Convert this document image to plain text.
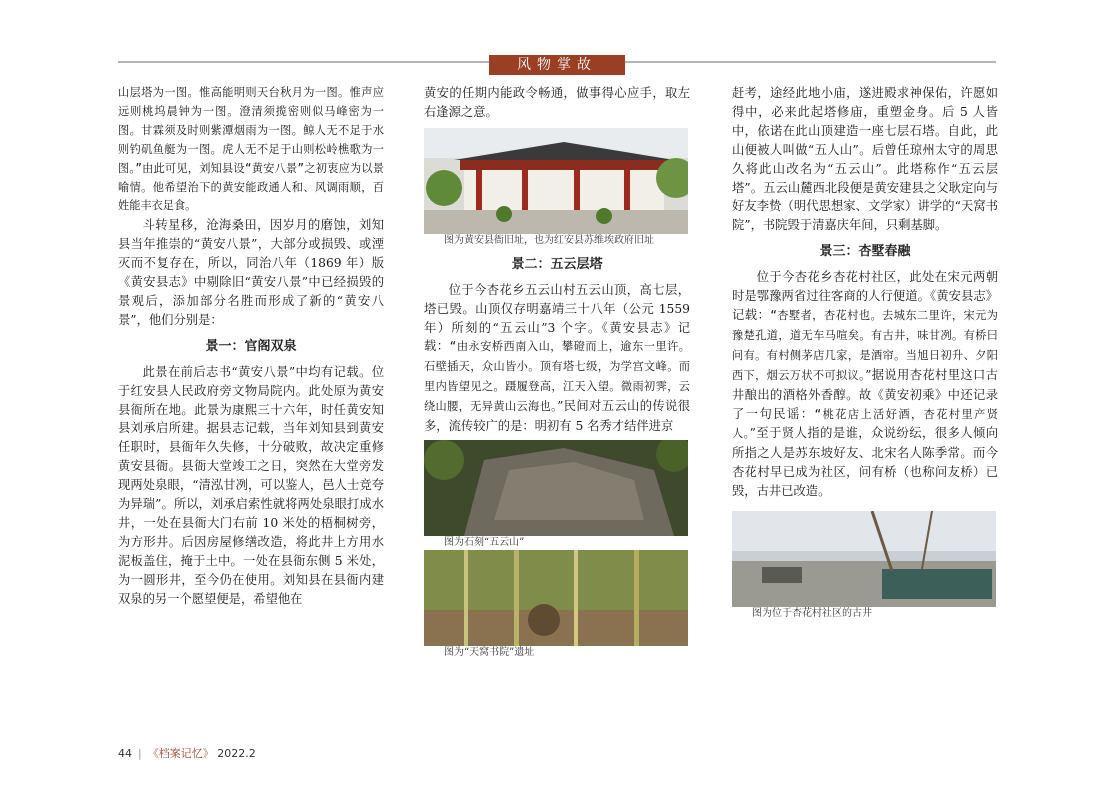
风物掌故

山层塔为一图。惟高能明则天台秋月为一图。惟声应远则桃坞晨钟为一图。澄清须揽密则似马峰密为一图。甘霖须及时则紫潭烟雨为一图。鲸人无不足于水则钓矶鱼艇为一图。虎人无不足于山则松岭樵歌为一图。”由此可见，刘知县设“黄安八景”之初衷应为以景喻情。他希望治下的黄安能政通人和、风调雨顺，百姓能丰衣足食。

斗转星移，沧海桑田，因岁月的磨蚀，刘知县当年推崇的“黄安八景”，大部分或损毁、或湮灭而不复存在，所以，同治八年（1869 年）版《黄安县志》中剔除旧“黄安八景”中已经损毁的景观后，添加部分名胜而形成了新的“黄安八景”，他们分别是：

景一：官阁双泉

此景在前后志书“黄安八景”中均有记载。位于红安县人民政府旁文物局院内。此处原为黄安县衙所在地。此景为康熙三十六年，时任黄安知县刘承启所建。据县志记载，当年刘知县到黄安任职时，县衙年久失修，十分破败，故决定重修黄安县衙。县衙大堂竣工之日，突然在大堂旁发现两处泉眼，“清泓甘冽，可以鉴人，邑人士竞夸为异瑞”。所以，刘承启索性就将两处泉眼打成水井，一处在县衙大门右前 10 米处的梧桐树旁，为方形井。后因房屋修缮改造，将此井上方用水泥板盖住，掩于土中。一处在县衙东侧 5 米处，为一圆形井，至今仍在使用。刘知县在县衙内建双泉的另一个愿望便是，希望他在

黄安的任期内能政令畅通，做事得心应手，取左右逢源之意。

图为黄安县衙旧址，也为红安县苏维埃政府旧址

景二：五云层塔

位于今杏花乡五云山村五云山顶，高七层，塔已毁。山顶仅存明嘉靖三十八年（公元 1559 年）所刻的“五云山”3 个字。《黄安县志》记载：“由永安桥西南入山，攀磴而上，逾东一里许。石壁插天，众山皆小。顶有塔七级，为学宫文峰。而里内皆望见之。蹑履登高，江天入望。微雨初霁，云绕山腰，无异黄山云海也。”民间对五云山的传说很多，流传较广的是：明初有 5 名秀才结伴进京

图为石刻“五云山”

图为“天窝书院”遗址

赶考，途经此地小庙，遂进殿求神保佑，许愿如得中，必来此起塔修庙，重塑金身。后 5 人皆中，依诺在此山顶建造一座七层石塔。自此，此山便被人叫做“五人山”。后曾任琼州太守的周思久将此山改名为“五云山”。此塔称作“五云层塔”。五云山麓西北段便是黄安建县之父耿定向与好友李贽（明代思想家、文学家）讲学的“天窝书院”，书院毁于清嘉庆年间，只剩基脚。

景三：杏墅春融

位于今杏花乡杏花村社区，此处在宋元两朝时是鄂豫两省过往客商的人行便道。《黄安县志》记载：“杏墅者，杏花村也。去城东二里许，宋元为豫楚孔道，道无车马喧矣。有古井，味甘冽。有桥曰问有。有村侧茅店几家，是酒帘。当旭日初升、夕阳西下，烟云万状不可拟议。”据说用杏花村里这口古井酿出的酒格外香醇。故《黄安初乘》中还记录了一句民谣：“桃花店上活好酒，杏花村里产贤人。”至于贤人指的是谁，众说纷纭，很多人倾向所指之人是苏东坡好友、北宋名人陈季常。而今杏花村早已成为社区，问有桥（也称问友桥）已毁，古井已改造。

图为位于杏花村社区的古井

44 | 《档案记忆》 2022.2
